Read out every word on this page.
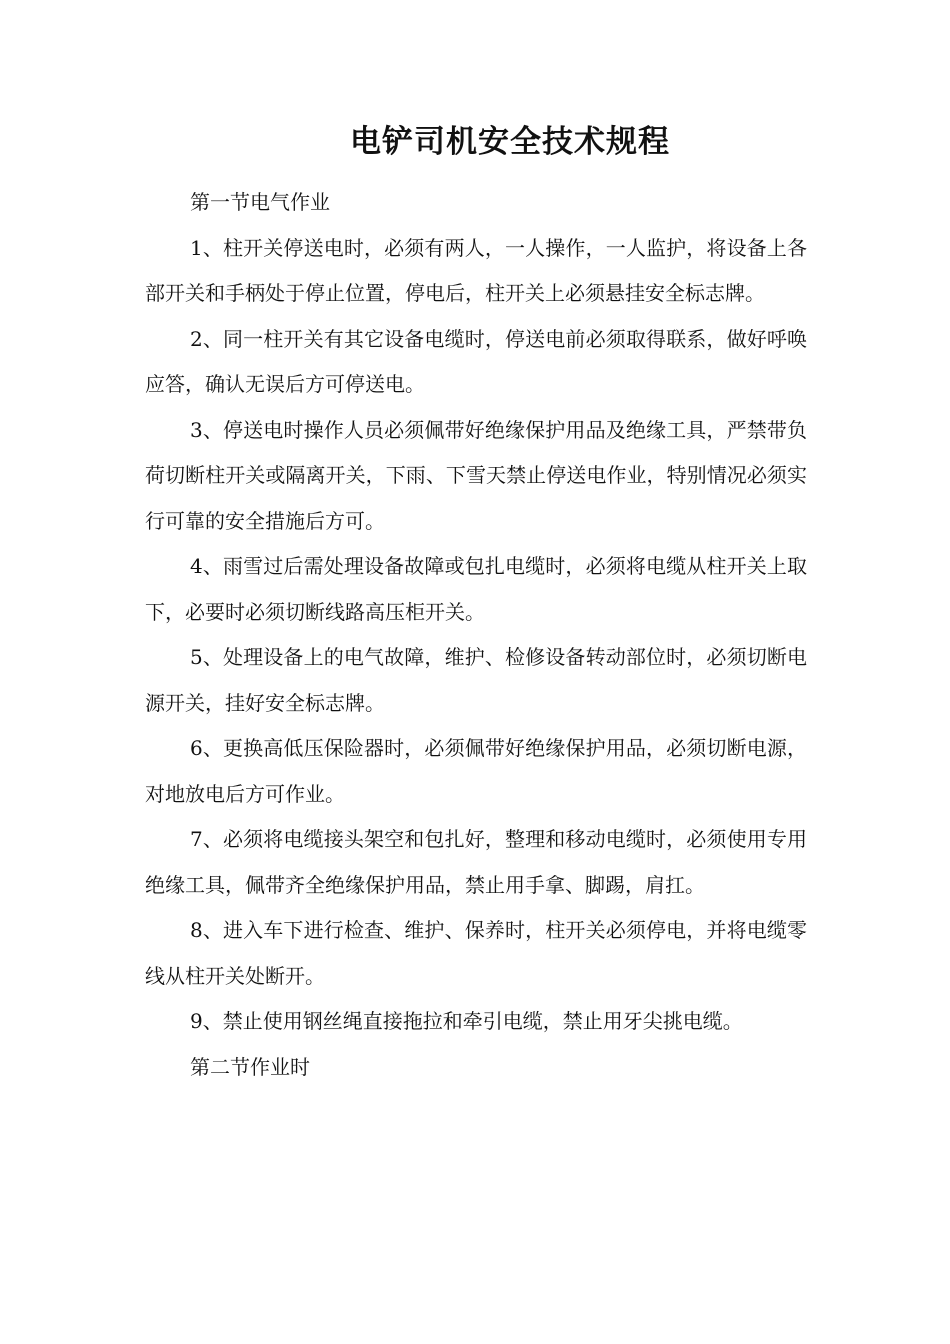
电铲司机安全技术规程

第一节电气作业

1、柱开关停送电时，必须有两人，一人操作，一人监护，将设备上各部开关和手柄处于停止位置，停电后，柱开关上必须悬挂安全标志牌。

2、同一柱开关有其它设备电缆时，停送电前必须取得联系，做好呼唤应答，确认无误后方可停送电。

3、停送电时操作人员必须佩带好绝缘保护用品及绝缘工具，严禁带负荷切断柱开关或隔离开关，下雨、下雪天禁止停送电作业，特别情况必须实行可靠的安全措施后方可。

4、雨雪过后需处理设备故障或包扎电缆时，必须将电缆从柱开关上取下，必要时必须切断线路高压柜开关。

5、处理设备上的电气故障，维护、检修设备转动部位时，必须切断电源开关，挂好安全标志牌。

6、更换高低压保险器时，必须佩带好绝缘保护用品，必须切断电源，对地放电后方可作业。

7、必须将电缆接头架空和包扎好，整理和移动电缆时，必须使用专用绝缘工具，佩带齐全绝缘保护用品，禁止用手拿、脚踢，肩扛。

8、进入车下进行检查、维护、保养时，柱开关必须停电，并将电缆零线从柱开关处断开。

9、禁止使用钢丝绳直接拖拉和牵引电缆，禁止用牙尖挑电缆。

第二节作业时
